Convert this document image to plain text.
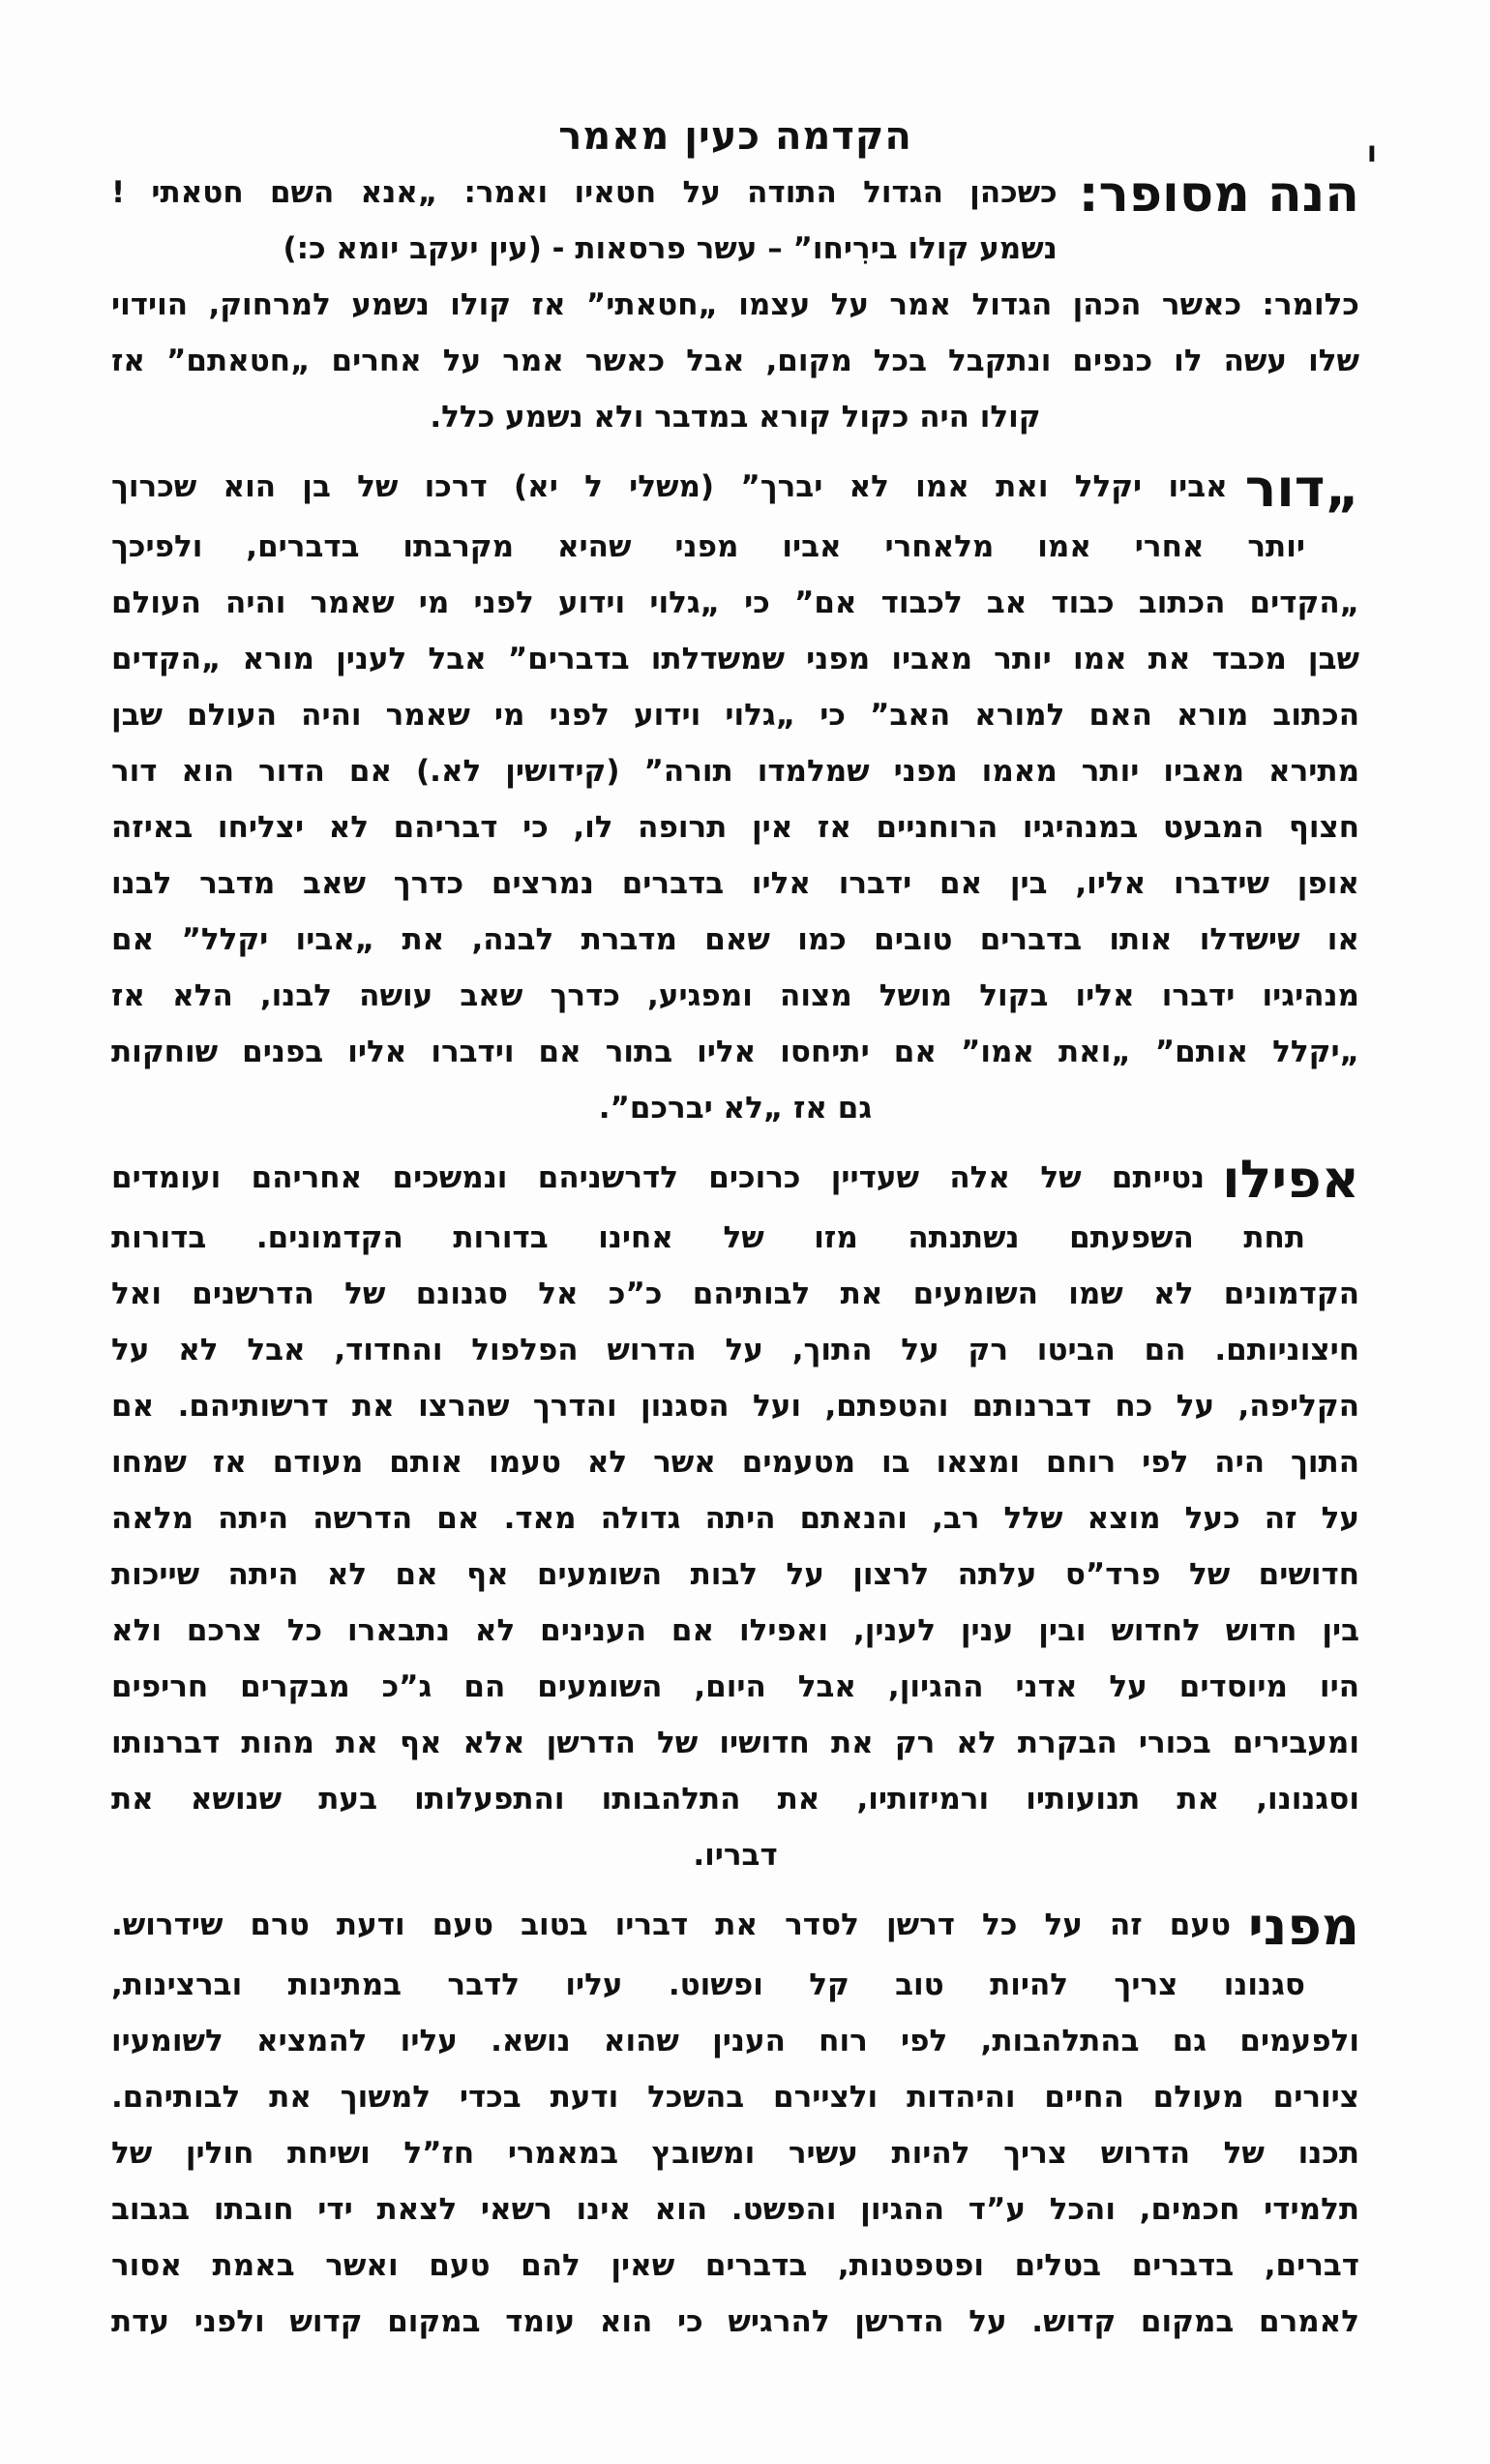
ו
הקדמה כעין מאמר
הנה מסופר:
כשכהן הגדול התודה על חטאיו ואמר: „אנא השם חטאתי !
נשמע קולו בירִיחו” – עשר פרסאות - (עין יעקב יומא כ:)
כלומר: כאשר הכהן הגדול אמר על עצמו „חטאתי” אז קולו נשמע למרחוק, הוידוי
שלו עשה לו כנפים ונתקבל בכל מקום, אבל כאשר אמר על אחרים „חטאתם” אז
קולו היה כקול קורא במדבר ולא נשמע כלל.
„דור
אביו יקלל ואת אמו לא יברך” (משלי ל יא) דרכו של בן הוא שכרוך
יותר אחרי אמו מלאחרי אביו מפני שהיא מקרבתו בדברים, ולפיכך
„הקדים הכתוב כבוד אב לכבוד אם” כי „גלוי וידוע לפני מי שאמר והיה העולם
שבן מכבד את אמו יותר מאביו מפני שמשדלתו בדברים” אבל לענין מורא „הקדים
הכתוב מורא האם למורא האב” כי „גלוי וידוע לפני מי שאמר והיה העולם שבן
מתירא מאביו יותר מאמו מפני שמלמדו תורה” (קידושין לא.) אם הדור הוא דור
חצוף המבעט במנהיגיו הרוחניים אז אין תרופה לו, כי דבריהם לא יצליחו באיזה
אופן שידברו אליו, בין אם ידברו אליו בדברים נמרצים כדרך שאב מדבר לבנו
או שישדלו אותו בדברים טובים כמו שאם מדברת לבנה, את „אביו יקלל” אם
מנהיגיו ידברו אליו בקול מושל מצוה ומפגיע, כדרך שאב עושה לבנו, הלא אז
„יקלל אותם” „ואת אמו” אם יתיחסו אליו בתור אם וידברו אליו בפנים שוחקות
גם אז „לא יברכם”.
אפילו
נטייתם של אלה שעדיין כרוכים לדרשניהם ונמשכים אחריהם ועומדים
תחת השפעתם נשתנתה מזו של אחינו בדורות הקדמונים. בדורות
הקדמונים לא שמו השומעים את לבותיהם כ”כ אל סגנונם של הדרשנים ואל
חיצוניותם. הם הביטו רק על התוך, על הדרוש הפלפול והחדוד, אבל לא על
הקליפה, על כח דברנותם והטפתם, ועל הסגנון והדרך שהרצו את דרשותיהם. אם
התוך היה לפי רוחם ומצאו בו מטעמים אשר לא טעמו אותם מעודם אז שמחו
על זה כעל מוצא שלל רב, והנאתם היתה גדולה מאד. אם הדרשה היתה מלאה
חדושים של פרד”ס עלתה לרצון על לבות השומעים אף אם לא היתה שייכות
בין חדוש לחדוש ובין ענין לענין, ואפילו אם הענינים לא נתבארו כל צרכם ולא
היו מיוסדים על אדני ההגיון, אבל היום, השומעים הם ג”כ מבקרים חריפים
ומעבירים בכורי הבקרת לא רק את חדושיו של הדרשן אלא אף את מהות דברנותו
וסגנונו, את תנועותיו ורמיזותיו, את התלהבותו והתפעלותו בעת שנושא את
דבריו.
מפני
טעם זה על כל דרשן לסדר את דבריו בטוב טעם ודעת טרם שידרוש.
סגנונו צריך להיות טוב קל ופשוט. עליו לדבר במתינות וברצינות,
ולפעמים גם בהתלהבות, לפי רוח הענין שהוא נושא. עליו להמציא לשומעיו
ציורים מעולם החיים והיהדות ולציירם בהשכל ודעת בכדי למשוך את לבותיהם.
תכנו של הדרוש צריך להיות עשיר ומשובץ במאמרי חז”ל ושיחת חולין של
תלמידי חכמים, והכל ע”ד ההגיון והפשט. הוא אינו רשאי לצאת ידי חובתו בגבוב
דברים, בדברים בטלים ופטפטנות, בדברים שאין להם טעם ואשר באמת אסור
לאמרם במקום קדוש. על הדרשן להרגיש כי הוא עומד במקום קדוש ולפני עדת
